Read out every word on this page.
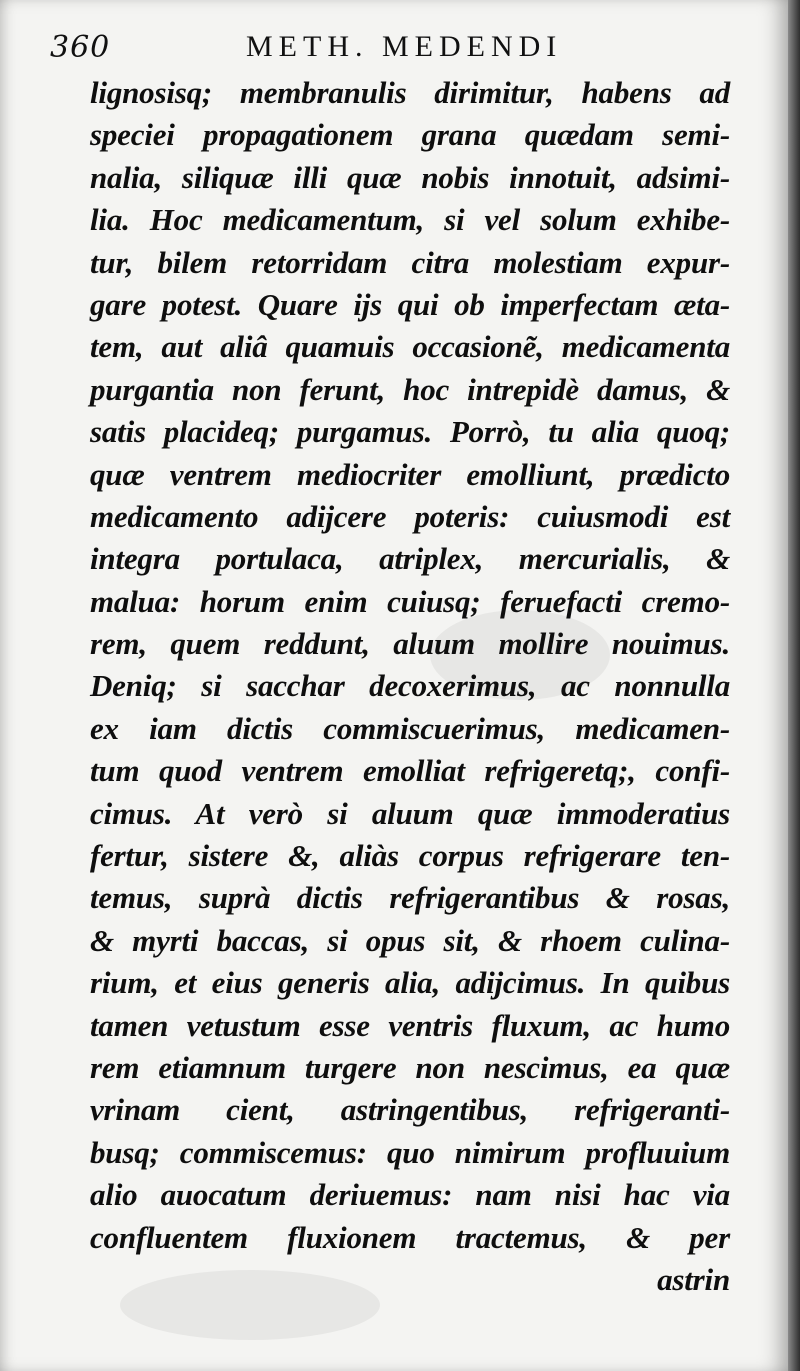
360	METH. MEDENDI
lignosisq; membranulis dirimitur, habens ad
speciei propagationem grana quædam semi-
nalia, siliquæ illi quæ nobis innotuit, adsimi-
lia. Hoc medicamentum, si vel solum exhibe-
tur, bilem retorridam citra molestiam expur-
gare potest. Quare ijs qui ob imperfectam æta-
tem, aut aliâ quamuis occasionẽ, medicamenta
purgantia non ferunt, hoc intrepidè damus, &
satis placideq; purgamus. Porrò, tu alia quoq;
quæ ventrem mediocriter emolliunt, prædicto
medicamento adijcere poteris: cuiusmodi est
integra portulaca, atriplex, mercurialis, &
malua: horum enim cuiusq; feruefacti cremo-
rem, quem reddunt, aluum mollire nouimus.
Deniq; si sacchar decoxerimus, ac nonnulla
ex iam dictis commiscuerimus, medicamen-
tum quod ventrem emolliat refrigeretq;, confi-
cimus. At verò si aluum quæ immoderatius
fertur, sistere &, aliàs corpus refrigerare ten-
temus, suprà dictis refrigerantibus & rosas,
& myrti baccas, si opus sit, & rhoem culina-
rium, et eius generis alia, adijcimus. In quibus
tamen vetustum esse ventris fluxum, ac humo
rem etiamnum turgere non nescimus, ea quæ
vrinam cient, astringentibus, refrigeranti-
busq; commiscemus: quo nimirum profluuium
alio auocatum deriuemus: nam nisi hac via
confluentem fluxionem tractemus, & per
astrin
